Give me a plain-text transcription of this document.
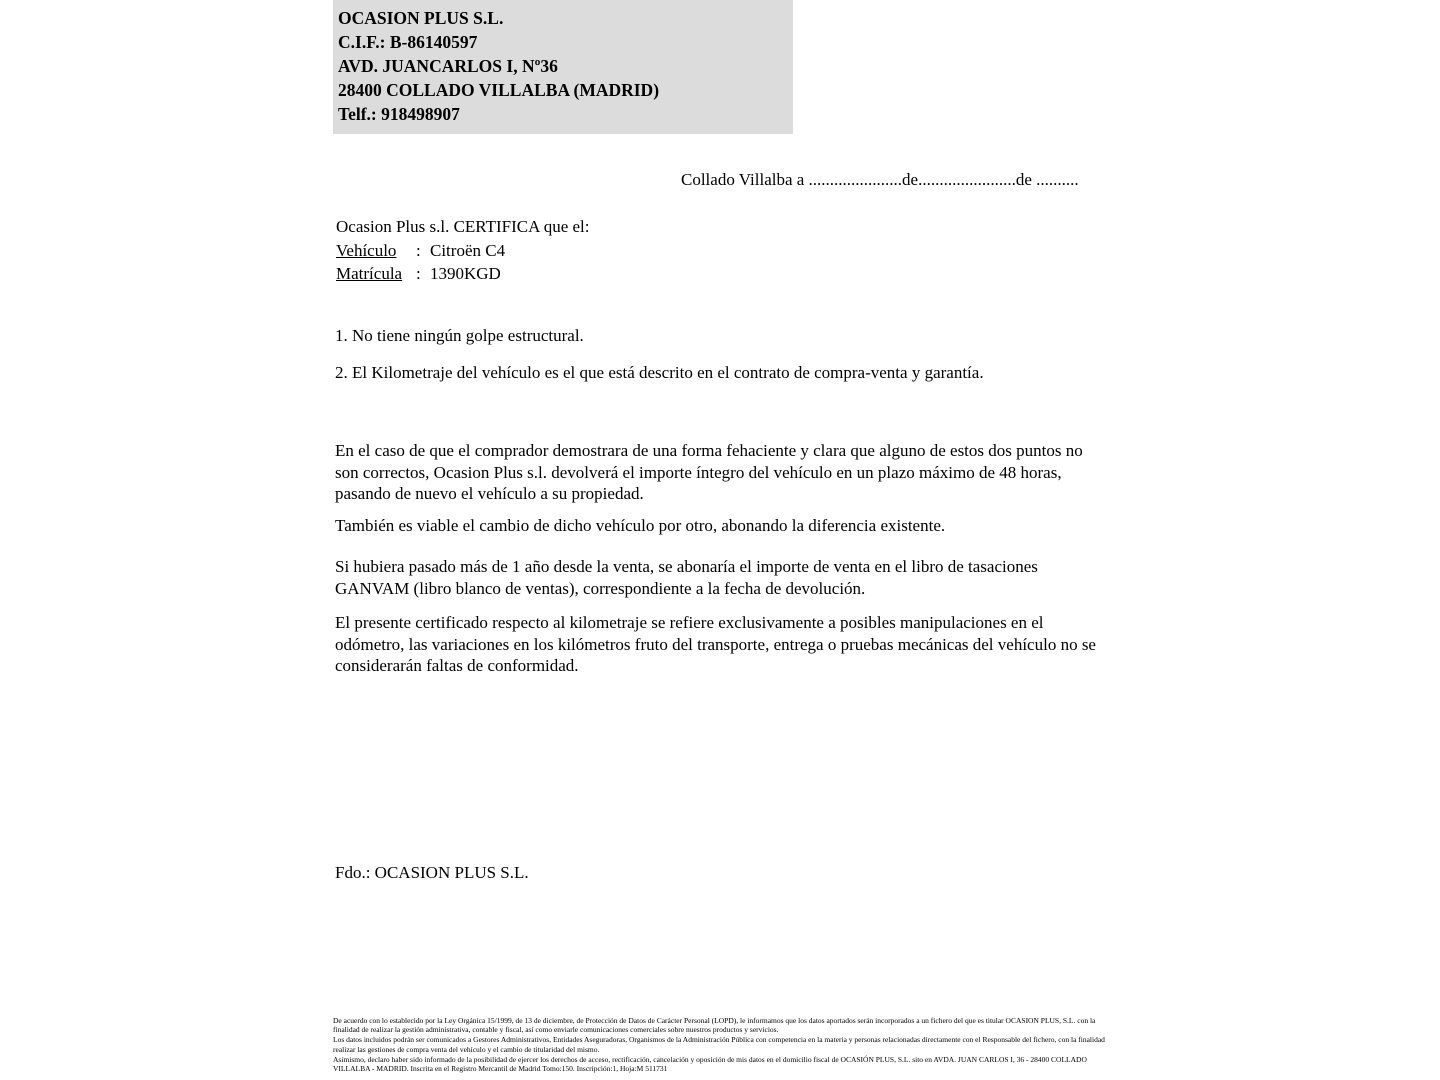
OCASION PLUS S.L.
C.I.F.: B-86140597
AVD. JUANCARLOS I, Nº36
28400 COLLADO VILLALBA (MADRID)
Telf.: 918498907
Collado Villalba a ......................de.......................de ..........
Ocasion Plus s.l. CERTIFICA que el:
Vehículo : Citroën C4
Matrícula : 1390KGD
1. No tiene ningún golpe estructural.
2. El Kilometraje del vehículo es el que está descrito en el contrato de compra-venta y garantía.
En el caso de que el comprador demostrara de una forma fehaciente y clara que alguno de estos dos puntos no son correctos, Ocasion Plus s.l. devolverá el importe íntegro del vehículo en un plazo máximo de 48 horas, pasando de nuevo el vehículo a su propiedad.
También es viable el cambio de dicho vehículo por otro, abonando la diferencia existente.
Si hubiera pasado más de 1 año desde la venta, se abonaría el importe de venta en el libro de tasaciones GANVAM (libro blanco de ventas), correspondiente a la fecha de devolución.
El presente certificado respecto al kilometraje se refiere exclusivamente a posibles manipulaciones en el odómetro, las variaciones en los kilómetros fruto del transporte, entrega o pruebas mecánicas del vehículo no se considerarán faltas de conformidad.
Fdo.: OCASION PLUS S.L.

De acuerdo con lo establecido por la Ley Orgánica 15/1999, de 13 de diciembre, de Protección de Datos de Carácter Personal (LOPD), le informamos que los datos aportados serán incorporados a un fichero del que es titular OCASION PLUS, S.L. con la finalidad de realizar la gestión administrativa, contable y fiscal, así como enviarle comunicaciones comerciales sobre nuestros productos y servicios.

Los datos incluidos podrán ser comunicados a Gestores Administrativos, Entidades Aseguradoras, Organismos de la Administración Pública con competencia en la materia y personas relacionadas directamente con el Responsable del fichero, con la finalidad realizar las gestiones de compra venta del vehículo y el cambio de titularidad del mismo.

Asimismo, declaro haber sido informado de la posibilidad de ejercer los derechos de acceso, rectificación, cancelación y oposición de mis datos en el domicilio fiscal de OCASIÓN PLUS, S.L. sito en AVDA. JUAN CARLOS I, 36 - 28400 COLLADO VILLALBA - MADRID. Inscrita en el Registro Mercantil de Madrid Tomo:150. Inscripción:1, Hoja:M 511731
